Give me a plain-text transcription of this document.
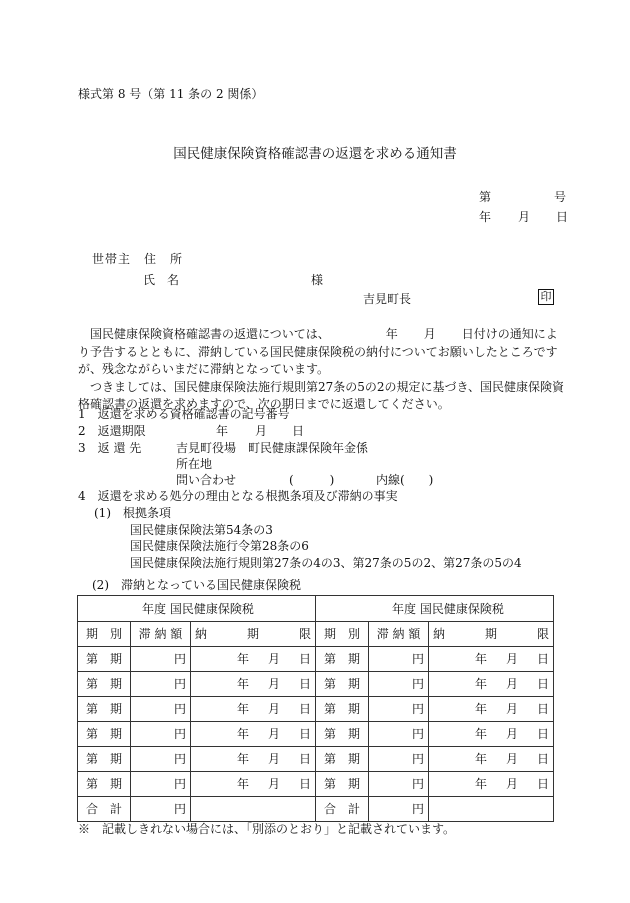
様式第 8 号（第 11 条の 2 関係）
国民健康保険資格確認書の返還を求める通知書
第	号
年 月 日
世帯主　住　所
氏　名	様
吉見町長	印

国民健康保険資格確認書の返還については、	年 月 日付けの通知により予告するとともに、滞納している国民健康保険税の納付についてお願いしたところですが、残念ながらいまだに滞納となっています。

つきましては、国民健康保険法施行規則第27条の5の2の規定に基づき、国民健康保険資格確認書の返還を求めますので、次の期日までに返還してください。

1　返還を求める資格確認書の記号番号
2　返還期限	年 月 日
3　返 還 先	吉見町役場　町民健康課保険年金係
所在地
問い合わせ	(　　　)	内線(　　)
4　返還を求める処分の理由となる根拠条項及び滞納の事実
(1)　根拠条項
国民健康保険法第54条の3
国民健康保険法施行令第28条の6
国民健康保険法施行規則第27条の4の3、第27条の5の2、第27条の5の4
(2)　滞納となっている国民健康保険税
年度 国民健康保険税			年度 国民健康保険税		
期　別	滞 納 額	納 期 限	期　別	滞 納 額	納 期 限

第　期	円	年 月 日	第　期	円	年 月 日

第　期	円	年 月 日	第　期	円	年 月 日

第　期	円	年 月 日	第　期	円	年 月 日

第　期	円	年 月 日	第　期	円	年 月 日

第　期	円	年 月 日	第　期	円	年 月 日

第　期	円	年 月 日	第　期	円	年 月 日

合　計	円		合　計	円	
※　記載しきれない場合には、「別添のとおり」と記載されています。
